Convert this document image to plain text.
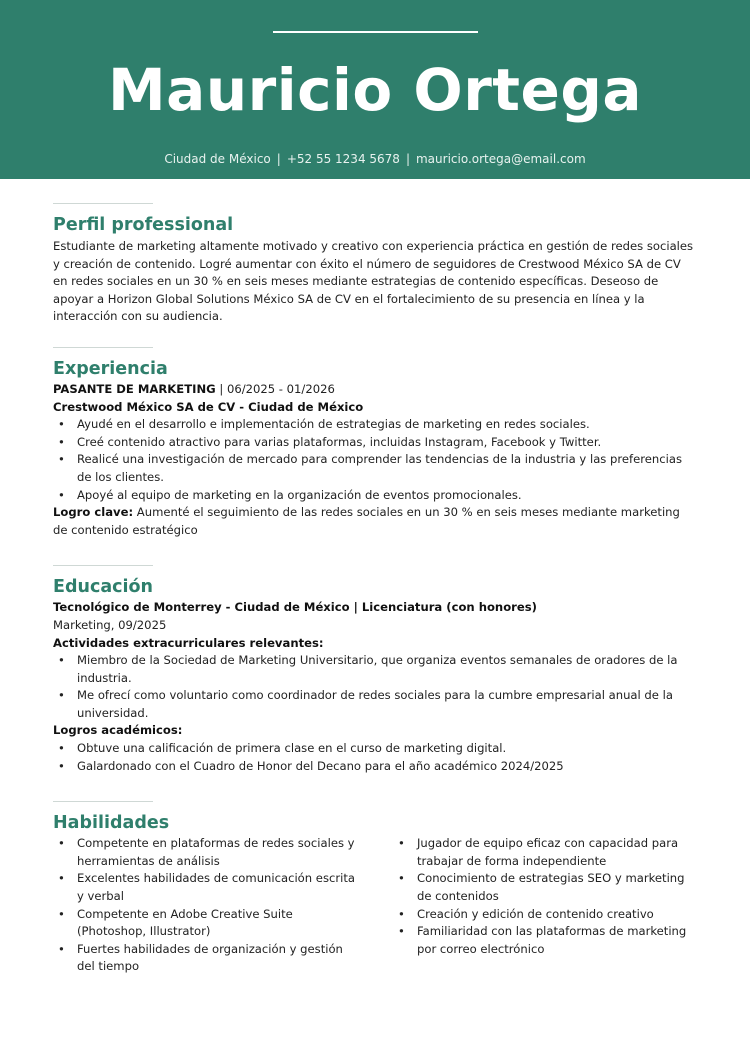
Mauricio Ortega
Ciudad de México | +52 55 1234 5678 | mauricio.ortega@email.com
Perfil professional

Estudiante de marketing altamente motivado y creativo con experiencia práctica en gestión de redes sociales y creación de contenido. Logré aumentar con éxito el número de seguidores de Crestwood México SA de CV en redes sociales en un 30 % en seis meses mediante estrategias de contenido específicas. Deseoso de apoyar a Horizon Global Solutions México SA de CV en el fortalecimiento de su presencia en línea y la interacción con su audiencia.

Experiencia
PASANTE DE MARKETING | 06/2025 - 01/2026
Crestwood México SA de CV - Ciudad de México
• Ayudé en el desarrollo e implementación de estrategias de marketing en redes sociales.
• Creé contenido atractivo para varias plataformas, incluidas Instagram, Facebook y Twitter.
• Realicé una investigación de mercado para comprender las tendencias de la industria y las preferencias de los clientes.
• Apoyé al equipo de marketing en la organización de eventos promocionales.

Logro clave: Aumenté el seguimiento de las redes sociales en un 30 % en seis meses mediante marketing de contenido estratégico

Educación
Tecnológico de Monterrey - Ciudad de México | Licenciatura (con honores)
Marketing, 09/2025
Actividades extracurriculares relevantes:
• Miembro de la Sociedad de Marketing Universitario, que organiza eventos semanales de oradores de la industria.
• Me ofrecí como voluntario como coordinador de redes sociales para la cumbre empresarial anual de la universidad.
Logros académicos:
• Obtuve una calificación de primera clase en el curso de marketing digital.
• Galardonado con el Cuadro de Honor del Decano para el año académico 2024/2025
Habilidades
• Competente en plataformas de redes sociales y herramientas de análisis
• Excelentes habilidades de comunicación escrita y verbal
• Competente en Adobe Creative Suite (Photoshop, Illustrator)
• Fuertes habilidades de organización y gestión del tiempo
• Jugador de equipo eficaz con capacidad para trabajar de forma independiente
• Conocimiento de estrategias SEO y marketing de contenidos
• Creación y edición de contenido creativo
• Familiaridad con las plataformas de marketing por correo electrónico
